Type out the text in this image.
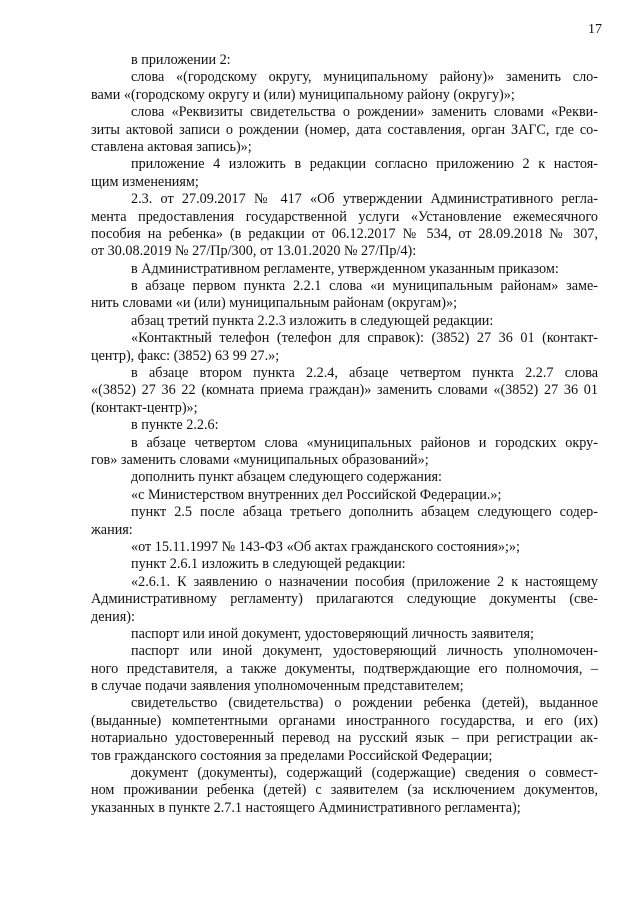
17
в приложении 2:
слова «(городскому округу, муниципальному району)» заменить сло-
вами «(городскому округу и (или) муниципальному району (округу)»;
слова «Реквизиты свидетельства о рождении» заменить словами «Рекви-
зиты актовой записи о рождении (номер, дата составления, орган ЗАГС, где со-
ставлена актовая запись)»;
приложение 4 изложить в редакции согласно приложению 2 к настоя-
щим изменениям;
2.3. от 27.09.2017 № 417 «Об утверждении Административного регла-
мента предоставления государственной услуги «Установление ежемесячного
пособия на ребенка» (в редакции от 06.12.2017 № 534, от 28.09.2018 № 307,
от 30.08.2019 № 27/Пр/300, от 13.01.2020 № 27/Пр/4):
в Административном регламенте, утвержденном указанным приказом:
в абзаце первом пункта 2.2.1 слова «и муниципальным районам» заме-
нить словами «и (или) муниципальным районам (округам)»;
абзац третий пункта 2.2.3 изложить в следующей редакции:
«Контактный телефон (телефон для справок): (3852) 27 36 01 (контакт-
центр), факс: (3852) 63 99 27.»;
в абзаце втором пункта 2.2.4, абзаце четвертом пункта 2.2.7 слова
«(3852) 27 36 22 (комната приема граждан)» заменить словами «(3852) 27 36 01
(контакт-центр)»;
в пункте 2.2.6:
в абзаце четвертом слова «муниципальных районов и городских окру-
гов» заменить словами «муниципальных образований»;
дополнить пункт абзацем следующего содержания:
«с Министерством внутренних дел Российской Федерации.»;
пункт 2.5 после абзаца третьего дополнить абзацем следующего содер-
жания:
«от 15.11.1997 № 143-ФЗ «Об актах гражданского состояния»;»;
пункт 2.6.1 изложить в следующей редакции:
«2.6.1. К заявлению о назначении пособия (приложение 2 к настоящему
Административному регламенту) прилагаются следующие документы (све-
дения):
паспорт или иной документ, удостоверяющий личность заявителя;
паспорт или иной документ, удостоверяющий личность уполномочен-
ного представителя, а также документы, подтверждающие его полномочия, –
в случае подачи заявления уполномоченным представителем;
свидетельство (свидетельства) о рождении ребенка (детей), выданное
(выданные) компетентными органами иностранного государства, и его (их)
нотариально удостоверенный перевод на русский язык – при регистрации ак-
тов гражданского состояния за пределами Российской Федерации;
документ (документы), содержащий (содержащие) сведения о совмест-
ном проживании ребенка (детей) с заявителем (за исключением документов,
указанных в пункте 2.7.1 настоящего Административного регламента);
